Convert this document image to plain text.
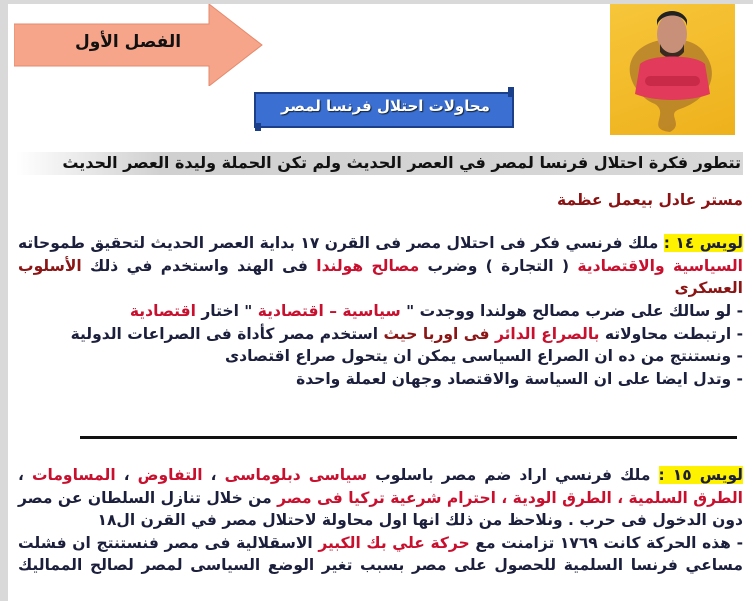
الفصل الأول
محاولات احتلال فرنسا لمصر
تتطور فكرة احتلال فرنسا لمصر في العصر الحديث ولم تكن الحملة وليدة العصر الحديث
مستر عادل بيعمل عظمة
لويس ١٤ : ملك فرنسي فكر فى احتلال مصر فى القرن ١٧ بداية العصر الحديث لتحقيق طموحاته
السياسية والاقتصادية ( التجارة ) وضرب مصالح هولندا فى الهند واستخدم في ذلك الأسلوب
العسكرى
- لو سالك على ضرب مصالح هولندا ووجدت " سياسية – اقتصادية " اختار اقتصادية
- ارتبطت محاولاته بالصراع الدائر فى اوربا حيث استخدم مصر كأداة فى الصراعات الدولية
- ونستنتج من ده ان الصراع السياسى يمكن ان يتحول صراع اقتصادى
- وتدل ايضا على ان السياسة والاقتصاد وجهان لعملة واحدة
لويس ١٥ : ملك فرنسي اراد ضم مصر باسلوب سياسى دبلوماسى ، التفاوض ، المساومات ،
الطرق السلمية ، الطرق الودية ، احترام شرعية تركيا فى مصر من خلال تنازل السلطان عن مصر
دون الدخول فى حرب . ونلاحظ من ذلك انها اول محاولة لاحتلال مصر في القرن ال١٨
- هذه الحركة كانت ١٧٦٩ تزامنت مع حركة علي بك الكبير الاسقلالية فى مصر فنستنتج ان فشلت
مساعي فرنسا السلمية للحصول على مصر بسبب تغير الوضع السياسى لمصر لصالح المماليك
